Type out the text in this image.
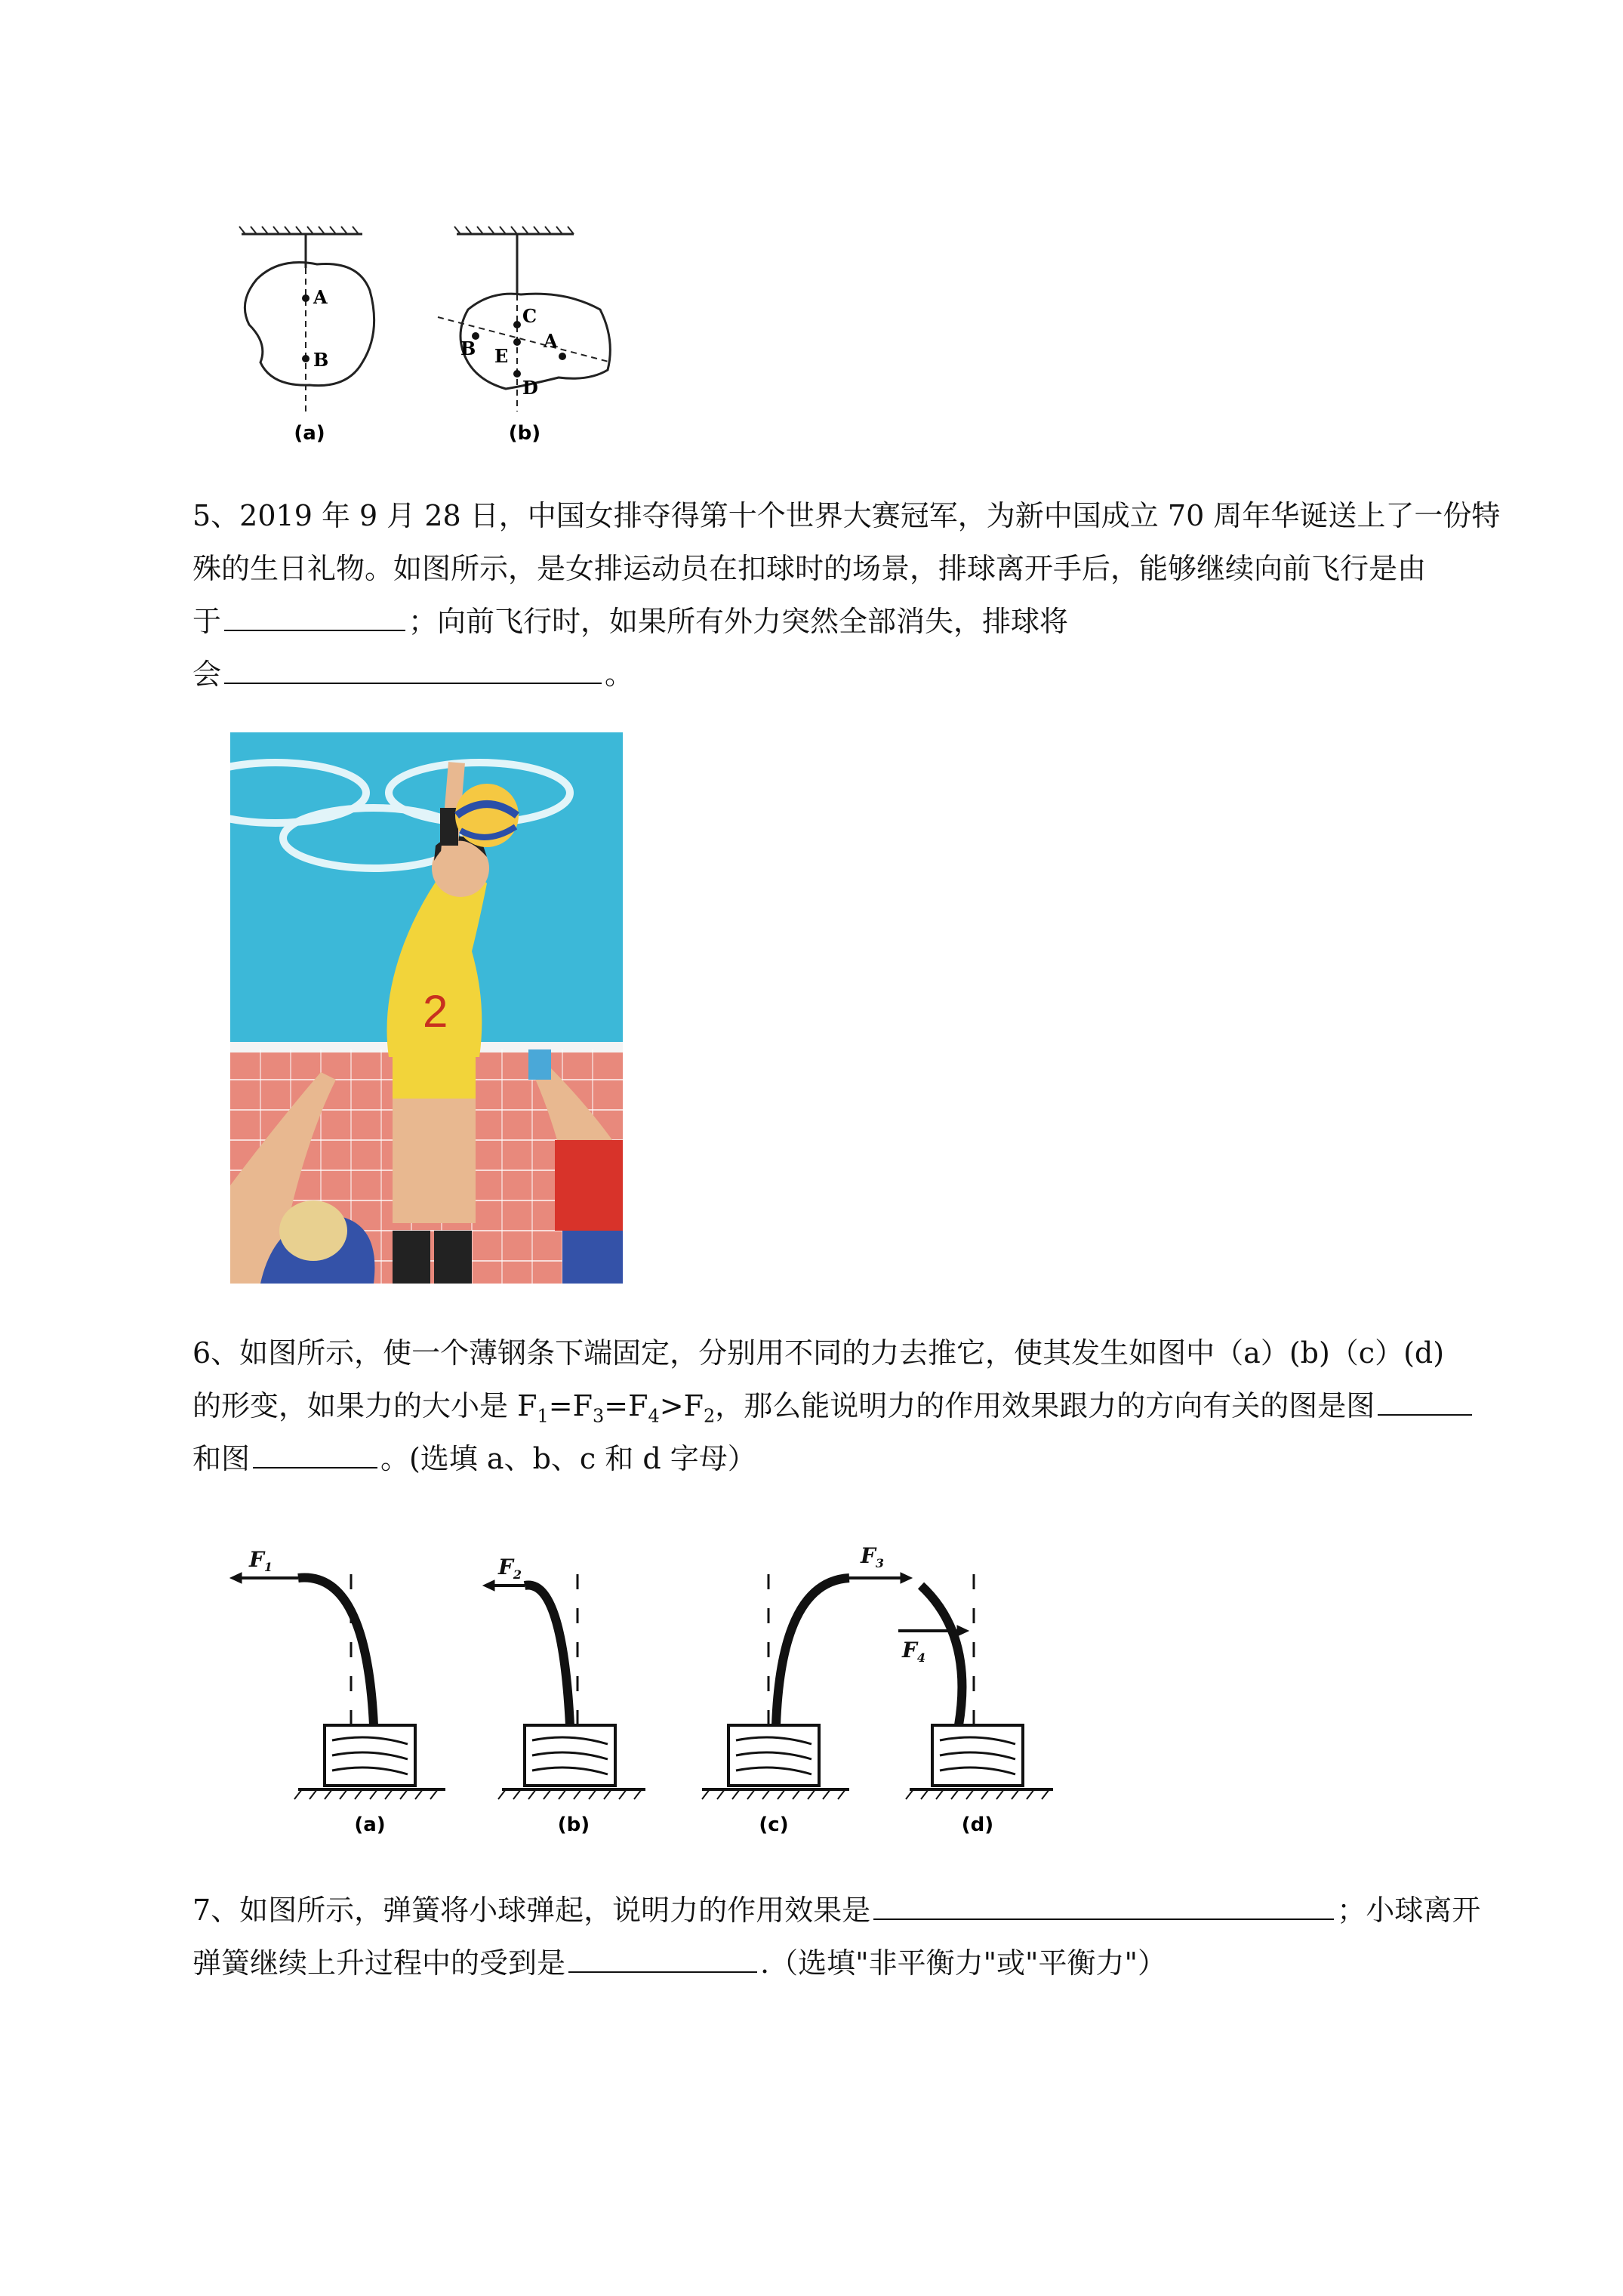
A
B
C
B E
A
D
(a)	(b)
5、2019 年 9 月 28 日，中国女排夺得第十个世界大赛冠军，为新中国成立 70 周年华诞送上了一份特
殊的生日礼物。如图所示，是女排运动员在扣球时的场景，排球离开手后，能够继续向前飞行是由
于	；向前飞行时，如果所有外力突然全部消失，排球将
会	。
2
6、如图所示，使一个薄钢条下端固定，分别用不同的力去推它，使其发生如图中（a）(b)（c）(d)
的形变，如果力的大小是 $F_1=F_3=F_4>F_2$，那么能说明力的作用效果跟力的方向有关的图是图
和图	。(选填 a、b、c 和 d 字母）
$F_1$	$F_2$
$F_3$
$F_4$
(a)	(b)	(c)	(d)
7、如图所示，弹簧将小球弹起，说明力的作用效果是	；小球离开
弹簧继续上升过程中的受到是	.（选填"非平衡力"或"平衡力"）
